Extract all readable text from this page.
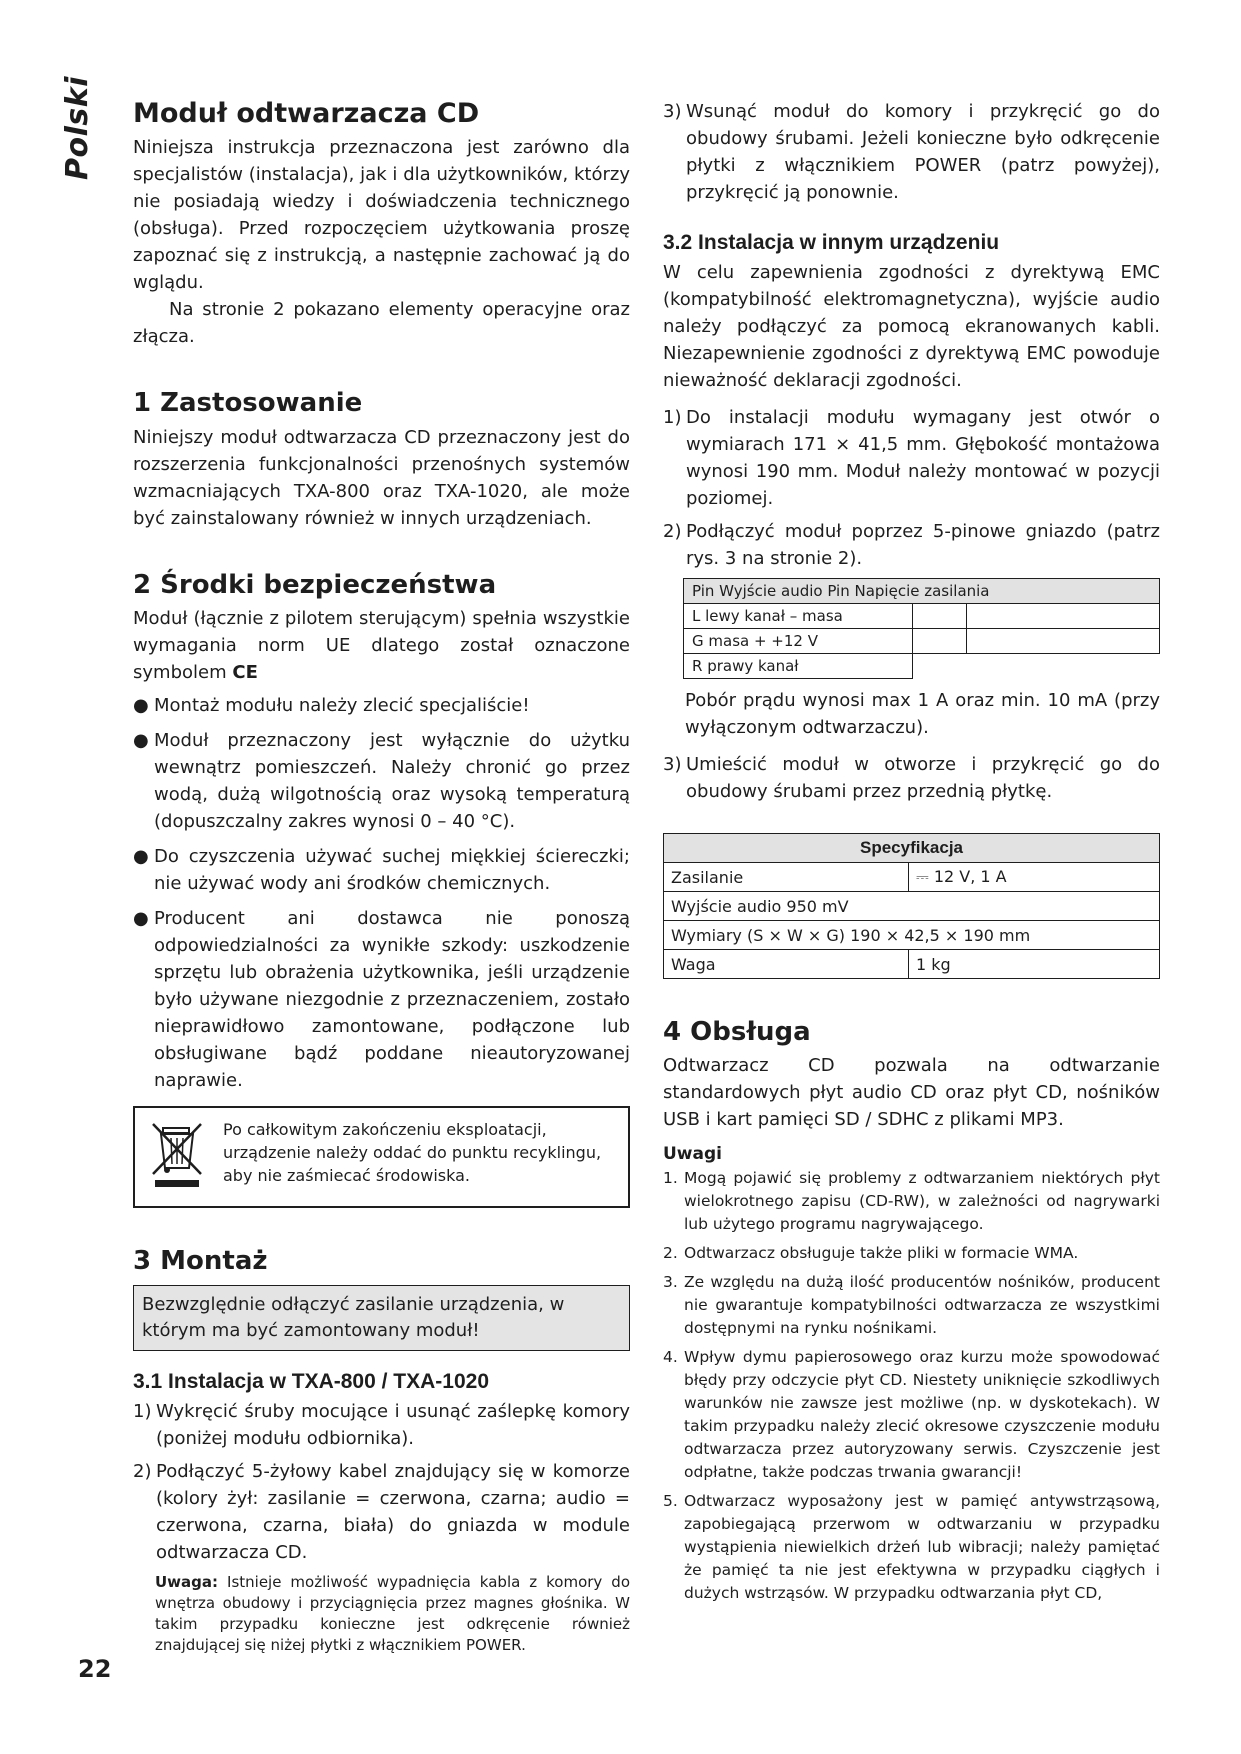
Polski
22
Moduł odtwarzacza CD

Niniejsza instrukcja przeznaczona jest zarówno dla specjalistów (instalacja), jak i dla użytkowników, którzy nie posiadają wiedzy i doświadczenia technicznego (obsługa). Przed rozpoczęciem użytkowania proszę zapoznać się z instrukcją, a następnie zachować ją do wglądu.

Na stronie 2 pokazano elementy operacyjne oraz złącza.

1 Zastosowanie

Niniejszy moduł odtwarzacza CD przeznaczony jest do rozszerzenia funkcjonalności przenośnych systemów wzmacniających TXA-800 oraz TXA-1020, ale może być zainstalowany również w innych urządzeniach.

2 Środki bezpieczeństwa

Moduł (łącznie z pilotem sterującym) spełnia wszystkie wymagania norm UE dlatego został oznaczone symbolem CE

● Montaż modułu należy zlecić specjaliście!
● Moduł przeznaczony jest wyłącznie do użytku wewnątrz pomieszczeń. Należy chronić go przez wodą, dużą wilgotnością oraz wysoką temperaturą (dopuszczalny zakres wynosi 0 – 40 °C).
● Do czyszczenia używać suchej miękkiej ściereczki; nie używać wody ani środków chemicznych.
● Producent ani dostawca nie ponoszą odpowiedzialności za wynikłe szkody: uszkodzenie sprzętu lub obrażenia użytkownika, jeśli urządzenie było używane niezgodnie z przeznaczeniem, zostało nieprawidłowo zamontowane, podłączone lub obsługiwane bądź poddane nieautoryzowanej naprawie.

Po całkowitym zakończeniu eksploatacji, urządzenie należy oddać do punktu recyklingu, aby nie zaśmiecać środowiska.

3 Montaż

Bezwzględnie odłączyć zasilanie urządzenia, w którym ma być zamontowany moduł!

3.1 Instalacja w TXA-800 / TXA-1020
1) Wykręcić śruby mocujące i usunąć zaślepkę komory (poniżej modułu odbiornika).
2) Podłączyć 5-żyłowy kabel znajdujący się w komorze (kolory żył: zasilanie = czerwona, czarna; audio = czerwona, czarna, biała) do gniazda w module odtwarzacza CD.

Uwaga: Istnieje możliwość wypadnięcia kabla z komory do wnętrza obudowy i przyciągnięcia przez magnes głośnika. W takim przypadku konieczne jest odkręcenie również znajdującej się niżej płytki z włącznikiem POWER.

3) Wsunąć moduł do komory i przykręcić go do obudowy śrubami. Jeżeli konieczne było odkręcenie płytki z włącznikiem POWER (patrz powyżej), przykręcić ją ponownie.
3.2 Instalacja w innym urządzeniu

W celu zapewnienia zgodności z dyrektywą EMC (kompatybilność elektromagnetyczna), wyjście audio należy podłączyć za pomocą ekranowanych kabli. Niezapewnienie zgodności z dyrektywą EMC powoduje nieważność deklaracji zgodności.

1) Do instalacji modułu wymagany jest otwór o wymiarach 171 × 41,5 mm. Głębokość montażowa wynosi 190 mm. Moduł należy montować w pozycji poziomej.
2) Podłączyć moduł poprzez 5-pinowe gniazdo (patrz rys. 3 na stronie 2).
Pin Wyjście audio Pin Napięcie zasilania		
L lewy kanał – masa		
G masa + +12 V		
R prawy kanał		

Pobór prądu wynosi max 1 A oraz min. 10 mA (przy wyłączonym odtwarzaczu).

3) Umieścić moduł w otworze i przykręcić go do obudowy śrubami przez przednią płytkę.
Specyfikacja	
Zasilanie	⎓ 12 V, 1 A
Wyjście audio 950 mV	
Wymiary (S × W × G) 190 × 42,5 × 190 mm	
Waga	1 kg
4 Obsługa

Odtwarzacz CD pozwala na odtwarzanie standardowych płyt audio CD oraz płyt CD, nośników USB i kart pamięci SD / SDHC z plikami MP3.

Uwagi
1. Mogą pojawić się problemy z odtwarzaniem niektórych płyt wielokrotnego zapisu (CD-RW), w zależności od nagrywarki lub użytego programu nagrywającego.
2. Odtwarzacz obsługuje także pliki w formacie WMA.
3. Ze względu na dużą ilość producentów nośników, producent nie gwarantuje kompatybilności odtwarzacza ze wszystkimi dostępnymi na rynku nośnikami.
4. Wpływ dymu papierosowego oraz kurzu może spowodować błędy przy odczycie płyt CD. Niestety uniknięcie szkodliwych warunków nie zawsze jest możliwe (np. w dyskotekach). W takim przypadku należy zlecić okresowe czyszczenie modułu odtwarzacza przez autoryzowany serwis. Czyszczenie jest odpłatne, także podczas trwania gwarancji!
5. Odtwarzacz wyposażony jest w pamięć antywstrząsową, zapobiegającą przerwom w odtwarzaniu w przypadku wystąpienia niewielkich drżeń lub wibracji; należy pamiętać że pamięć ta nie jest efektywna w przypadku ciągłych i dużych wstrząsów. W przypadku odtwarzania płyt CD,
